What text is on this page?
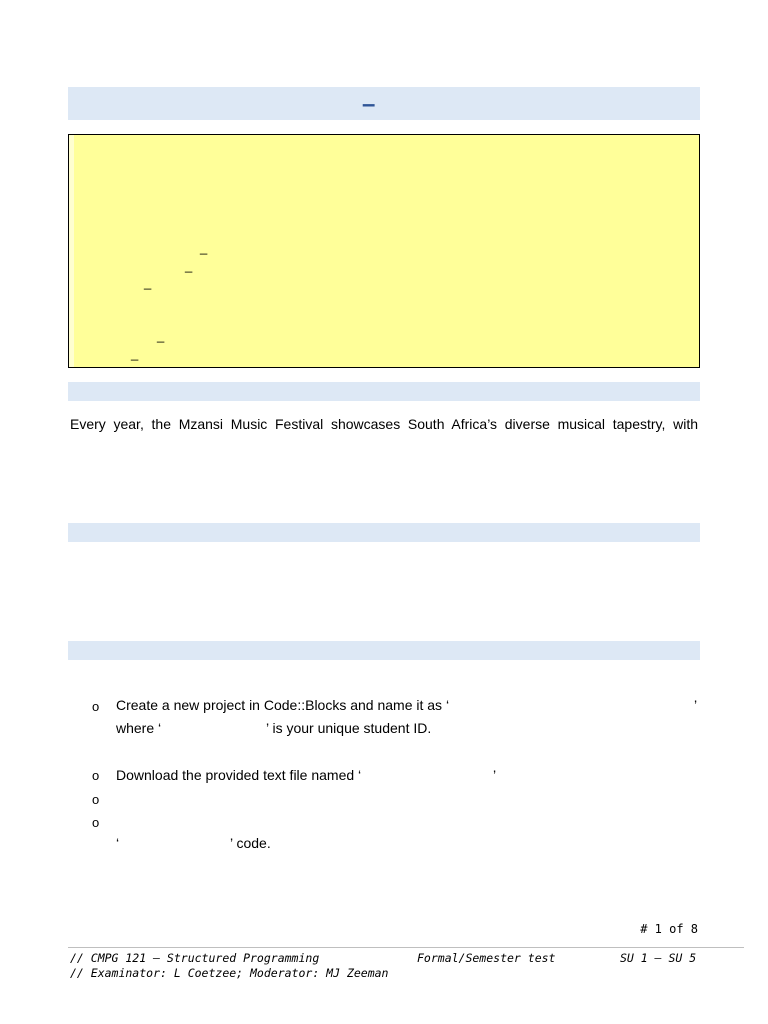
–
_
_
_
_
_

Every year, the Mzansi Music Festival showcases South Africa’s diverse musical tapestry, with

o Create a new project in Code::Blocks and name it as ‘	’
where ‘	’ is your unique student ID.
o Download the provided text file named ‘	’
o
o
‘	’ code.
# 1 of 8
// CMPG 121 – Structured Programming	Formal/Semester test	SU 1 – SU 5
// Examinator: L Coetzee; Moderator: MJ Zeeman
